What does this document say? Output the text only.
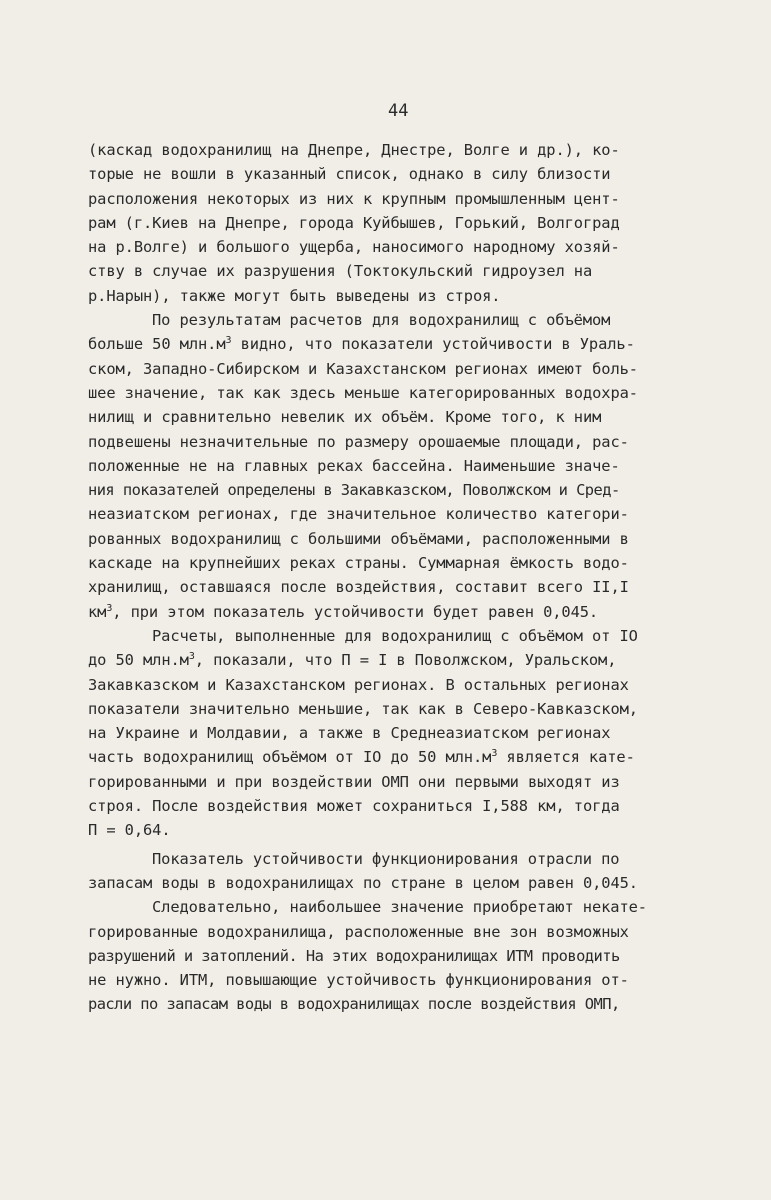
44
(каскад водохранилищ на Днепре, Днестре, Волге и др.), ко-
торые не вошли в указанный список, однако в силу близости
расположения некоторых из них к крупным промышленным цент-
рам (г.Киев на Днепре, города Куйбышев, Горький, Волгоград
на р.Волге) и большого ущерба, наносимого народному хозяй-
ству в случае их разрушения (Токтокульский гидроузел на
р.Нарын), также могут быть выведены из строя.
По результатам расчетов для водохранилищ с объёмом
больше 50 $млн.м^3$ видно, что показатели устойчивости в Ураль-
ском, Западно-Сибирском и Казахстанском регионах имеют боль-
шее значение, так как здесь меньше категорированных водохра-
нилищ и сравнительно невелик их объём. Кроме того, к ним
подвешены незначительные по размеру орошаемые площади, рас-
положенные не на главных реках бассейна. Наименьшие значе-
ния показателей определены в Закавказском, Поволжском и Сред-
неазиатском регионах, где значительное количество категори-
рованных водохранилищ с большими объёмами, расположенными в
каскаде на крупнейших реках страны. Суммарная ёмкость водо-
хранилищ, оставшаяся после воздействия, составит всего II,I
$км^3$, при этом показатель устойчивости будет равен 0,045.
Расчеты, выполненные для водохранилищ с объёмом от IO
до 50 $млн.м^3$, показали, что П = I в Поволжском, Уральском,
Закавказском и Казахстанском регионах. В остальных регионах
показатели значительно меньшие, так как в Северо-Кавказском,
на Украине и Молдавии, а также в Среднеазиатском регионах
часть водохранилищ объёмом от IO до 50 $млн.м^3$ является кате-
горированными и при воздействии ОМП они первыми выходят из
строя. После воздействия может сохраниться I,588 км, тогда
П = 0,64.
Показатель устойчивости функционирования отрасли по
запасам воды в водохранилищах по стране в целом равен 0,045.
Следовательно, наибольшее значение приобретают некате-
горированные водохранилища, расположенные вне зон возможных
разрушений и затоплений. На этих водохранилищах ИТМ проводить
не нужно. ИТМ, повышающие устойчивость функционирования от-
расли по запасам воды в водохранилищах после воздействия ОМП,
